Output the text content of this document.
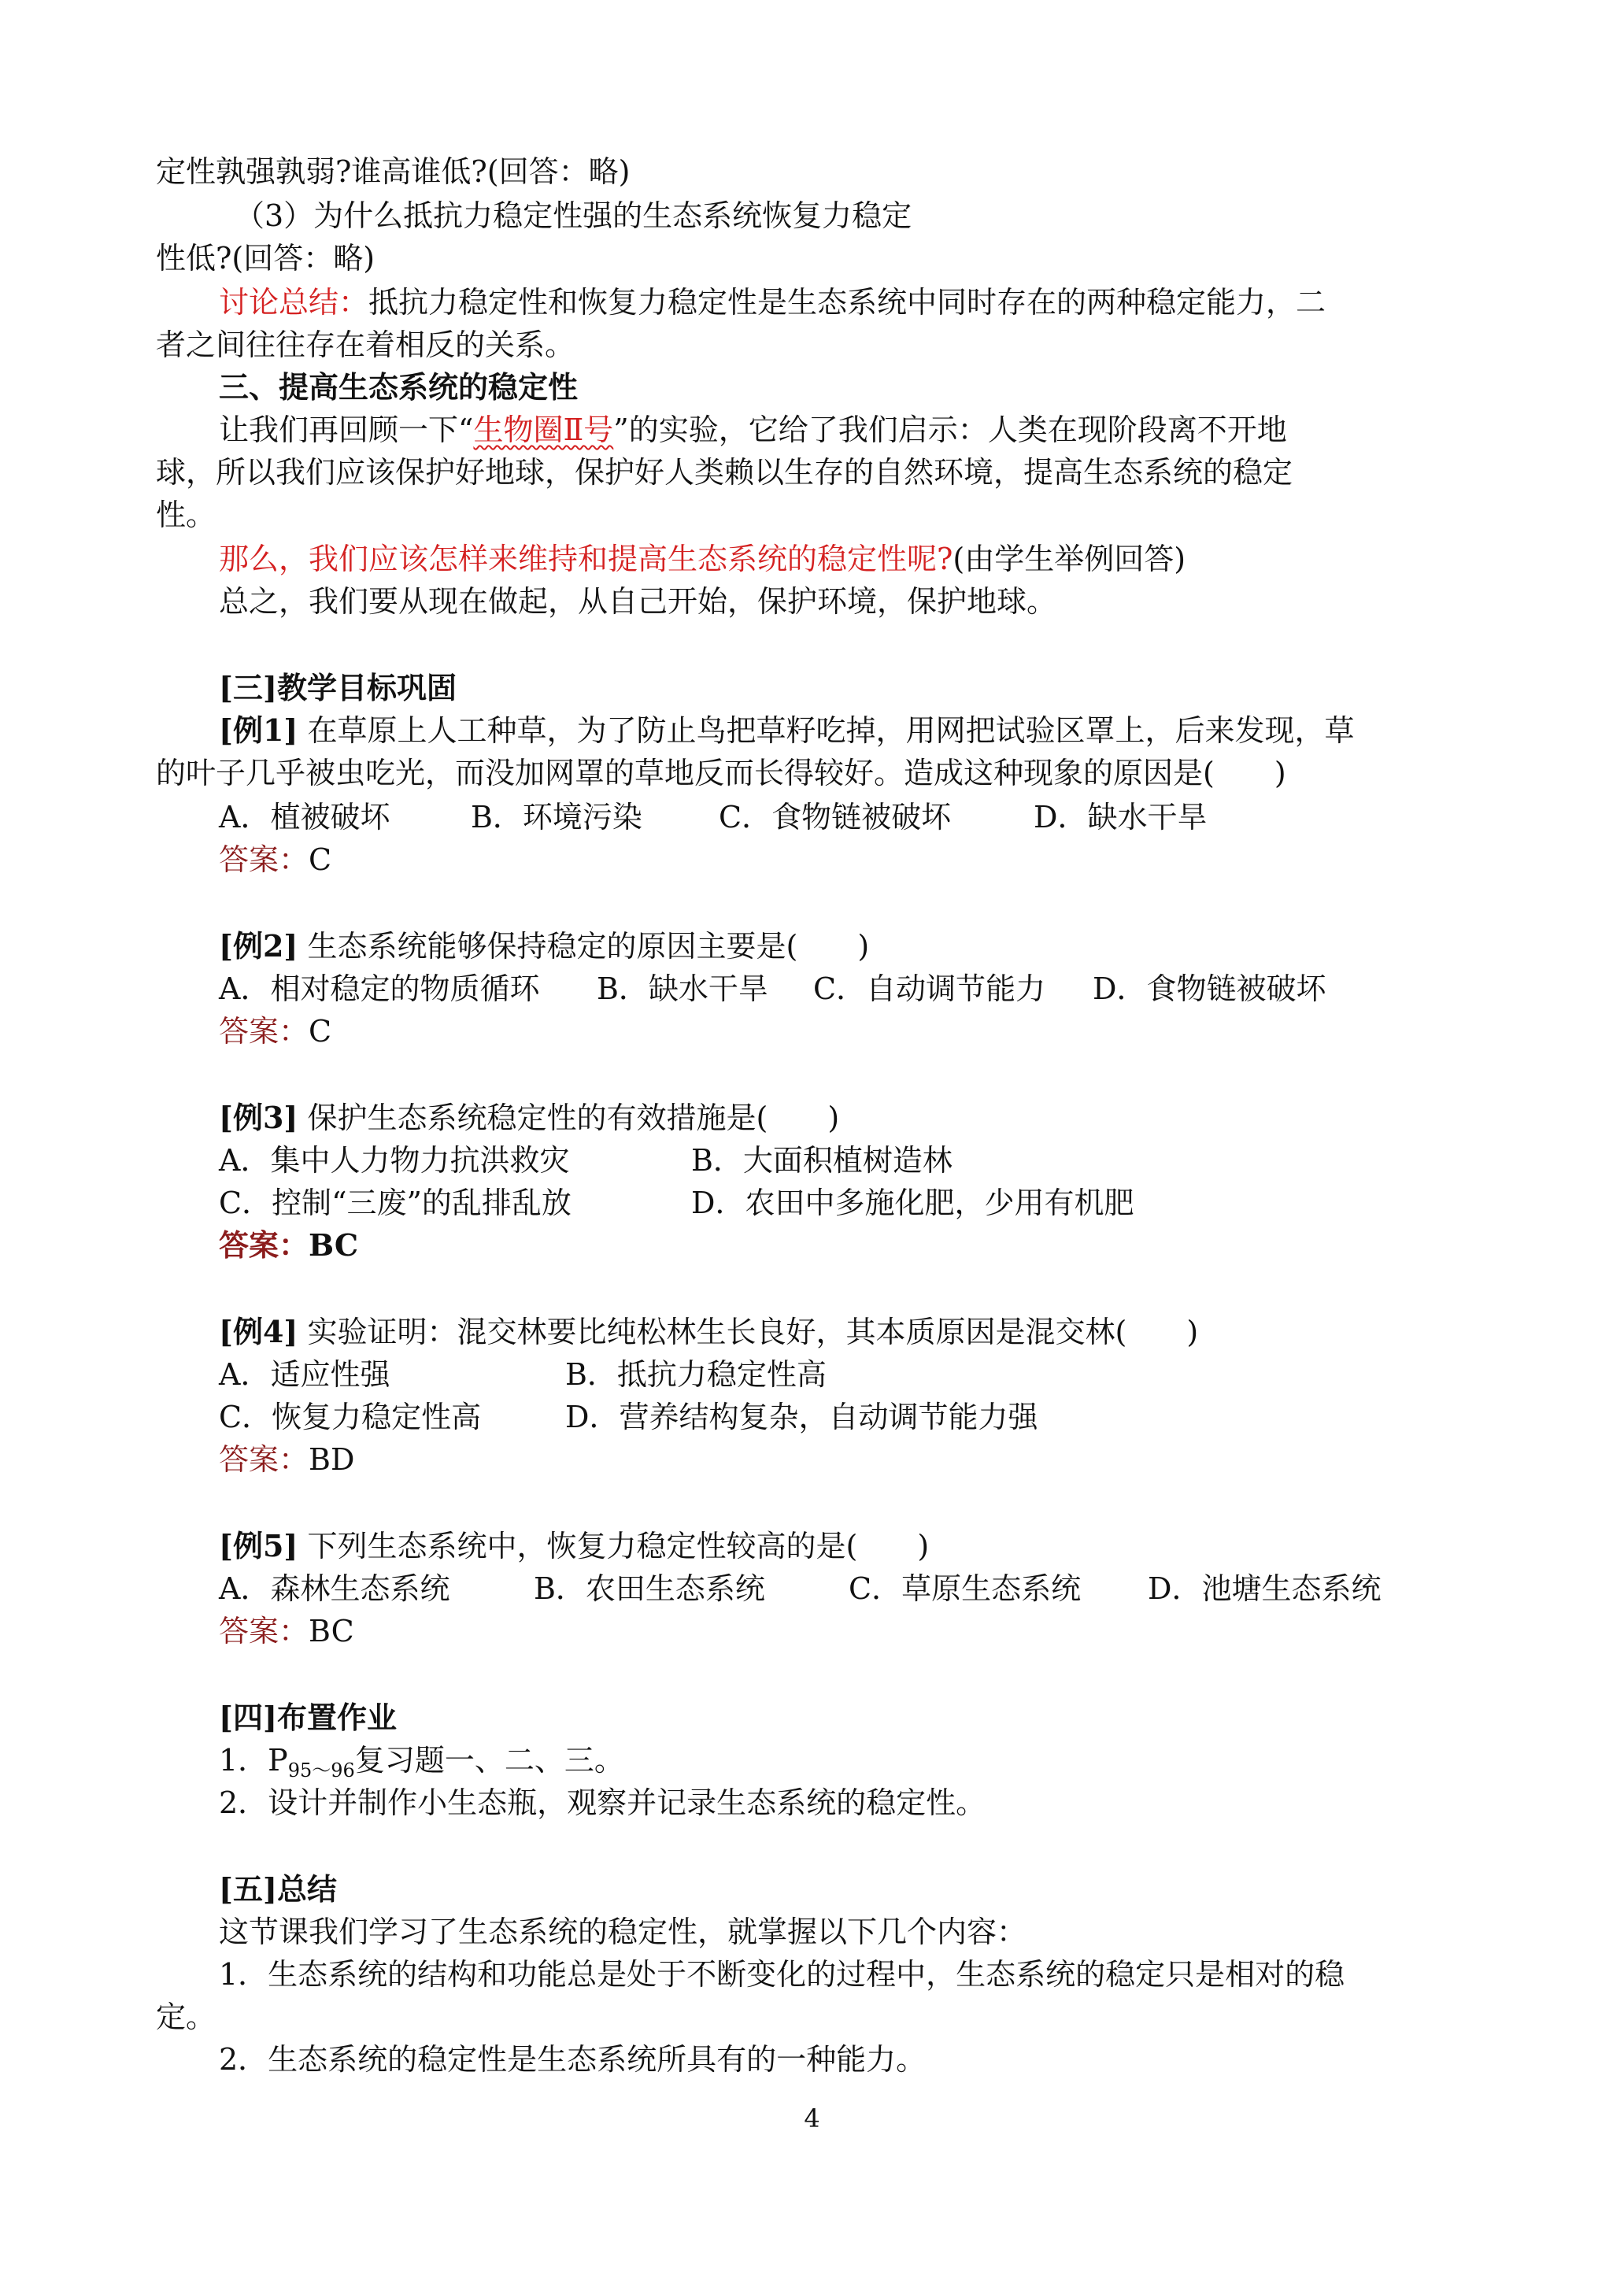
定性孰强孰弱?谁高谁低?(回答：略)
（3）为什么抵抗力稳定性强的生态系统恢复力稳定
性低?(回答：略)
讨论总结：抵抗力稳定性和恢复力稳定性是生态系统中同时存在的两种稳定能力，二
者之间往往存在着相反的关系。
三、提高生态系统的稳定性
让我们再回顾一下“生物圈Ⅱ号”的实验，它给了我们启示：人类在现阶段离不开地
球，所以我们应该保护好地球，保护好人类赖以生存的自然环境，提高生态系统的稳定
性。
那么，我们应该怎样来维持和提高生态系统的稳定性呢?(由学生举例回答)
总之，我们要从现在做起，从自己开始，保护环境，保护地球。
[三]教学目标巩固
[例1] 在草原上人工种草，为了防止鸟把草籽吃掉，用网把试验区罩上，后来发现，草
的叶子几乎被虫吃光，而没加网罩的草地反而长得较好。造成这种现象的原因是(　　)
A．植被破坏	B．环境污染	C．食物链被破坏	D．缺水干旱
答案：C
[例2] 生态系统能够保持稳定的原因主要是(　　)
A．相对稳定的物质循环 B．缺水干旱 C．自动调节能力 D．食物链被破坏
答案：C
[例3] 保护生态系统稳定性的有效措施是(　　)
A．集中人力物力抗洪救灾	B．大面积植树造林
C．控制“三废”的乱排乱放	D．农田中多施化肥，少用有机肥
答案：BC
[例4] 实验证明：混交林要比纯松林生长良好，其本质原因是混交林(　　)
A．适应性强	B．抵抗力稳定性高
C．恢复力稳定性高	D．营养结构复杂，自动调节能力强
答案：BD
[例5] 下列生态系统中，恢复力稳定性较高的是(　　)
A．森林生态系统	B．农田生态系统	C．草原生态系统 D．池塘生态系统
答案：BC
[四]布置作业
1．$P_{95\sim 96}$复习题一、二、三。
2．设计并制作小生态瓶，观察并记录生态系统的稳定性。
[五]总结
这节课我们学习了生态系统的稳定性，就掌握以下几个内容：
1．生态系统的结构和功能总是处于不断变化的过程中，生态系统的稳定只是相对的稳
定。
2．生态系统的稳定性是生态系统所具有的一种能力。
4
